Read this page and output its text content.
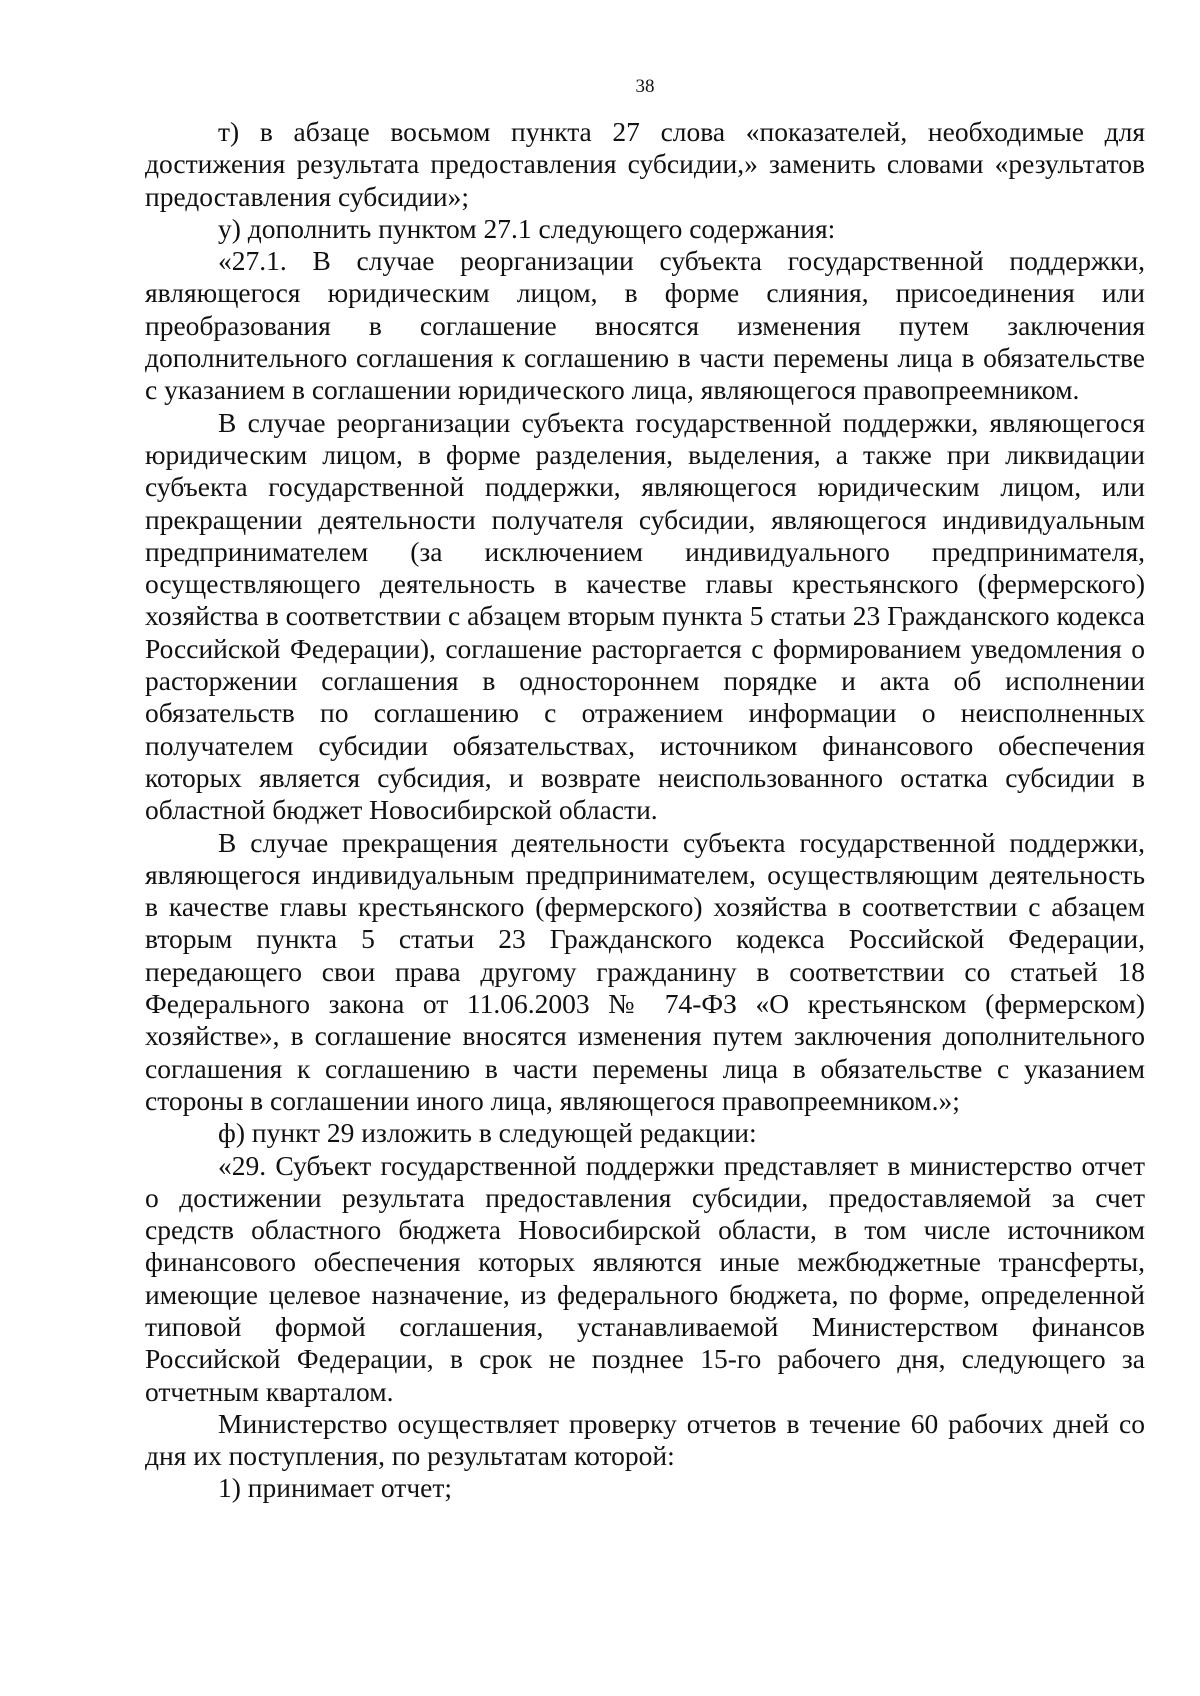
38

т) в абзаце восьмом пункта 27 слова «показателей, необходимые для достижения результата предоставления субсидии,» заменить словами «результатов предоставления субсидии»;

у) дополнить пунктом 27.1 следующего содержания:

«27.1. В случае реорганизации субъекта государственной поддержки, являющегося юридическим лицом, в форме слияния, присоединения или преобразования в соглашение вносятся изменения путем заключения дополнительного соглашения к соглашению в части перемены лица в обязательстве с указанием в соглашении юридического лица, являющегося правопреемником.

В случае реорганизации субъекта государственной поддержки, являющегося юридическим лицом, в форме разделения, выделения, а также при ликвидации субъекта государственной поддержки, являющегося юридическим лицом, или прекращении деятельности получателя субсидии, являющегося индивидуальным предпринимателем (за исключением индивидуального предпринимателя, осуществляющего деятельность в качестве главы крестьянского (фермерского) хозяйства в соответствии с абзацем вторым пункта 5 статьи 23 Гражданского кодекса Российской Федерации), соглашение расторгается с формированием уведомления о расторжении соглашения в одностороннем порядке и акта об исполнении обязательств по соглашению с отражением информации о неисполненных получателем субсидии обязательствах, источником финансового обеспечения которых является субсидия, и возврате неиспользованного остатка субсидии в областной бюджет Новосибирской области.

В случае прекращения деятельности субъекта государственной поддержки, являющегося индивидуальным предпринимателем, осуществляющим деятельность в качестве главы крестьянского (фермерского) хозяйства в соответствии с абзацем вторым пункта 5 статьи 23 Гражданского кодекса Российской Федерации, передающего свои права другому гражданину в соответствии со статьей 18 Федерального закона от 11.06.2003 № 74-ФЗ «О крестьянском (фермерском) хозяйстве», в соглашение вносятся изменения путем заключения дополнительного соглашения к соглашению в части перемены лица в обязательстве с указанием стороны в соглашении иного лица, являющегося правопреемником.»;

ф) пункт 29 изложить в следующей редакции:

«29. Субъект государственной поддержки представляет в министерство отчет о достижении результата предоставления субсидии, предоставляемой за счет средств областного бюджета Новосибирской области, в том числе источником финансового обеспечения которых являются иные межбюджетные трансферты, имеющие целевое назначение, из федерального бюджета, по форме, определенной типовой формой соглашения, устанавливаемой Министерством финансов Российской Федерации, в срок не позднее 15-го рабочего дня, следующего за отчетным кварталом.

Министерство осуществляет проверку отчетов в течение 60 рабочих дней со дня их поступления, по результатам которой:

1) принимает отчет;
